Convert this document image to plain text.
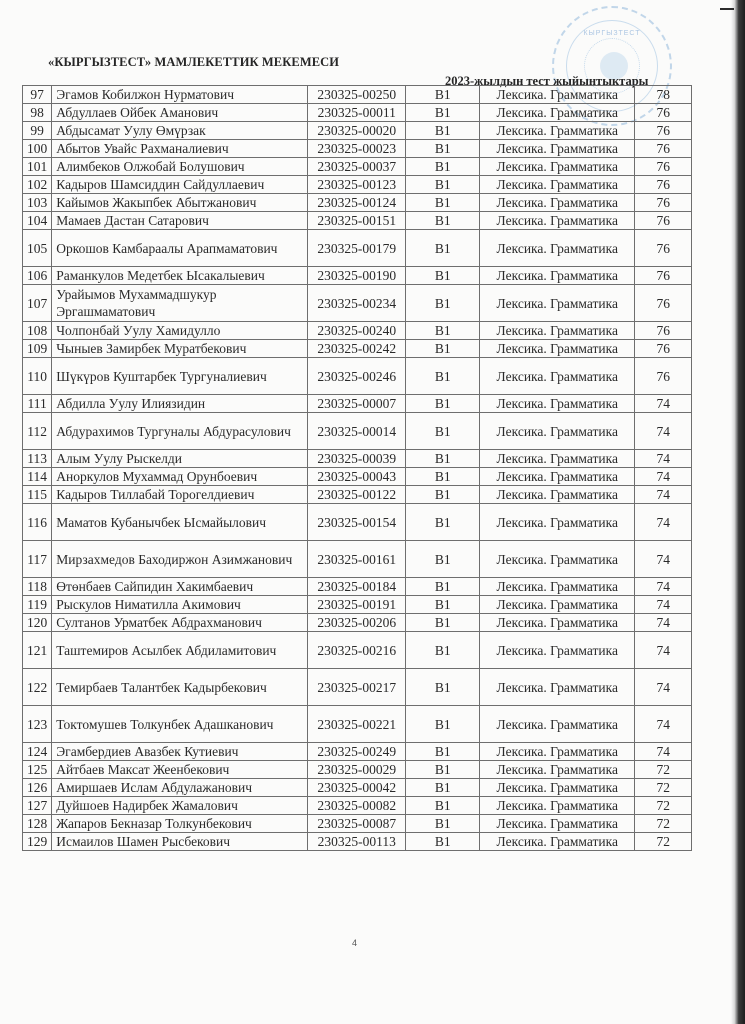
КЫРГЫЗТЕСТ
«КЫРГЫЗТЕСТ» МАМЛЕКЕТТИК МЕКЕМЕСИ
2023-жылдын тест жыйынтыктары
97	Эгамов Кобилжон Нурматович	230325-00250	B1	Лексика. Грамматика	78
98	Абдуллаев Ойбек Аманович	230325-00011	B1	Лексика. Грамматика	76
99	Абдысамат Уулу Өмүрзак	230325-00020	B1	Лексика. Грамматика	76
100	Абытов Увайс Рахманалиевич	230325-00023	B1	Лексика. Грамматика	76
101	Алимбеков Олжобай Болушович	230325-00037	B1	Лексика. Грамматика	76
102	Кадыров Шамсиддин Сайдуллаевич	230325-00123	B1	Лексика. Грамматика	76
103	Кайымов Жакыпбек Абытжанович	230325-00124	B1	Лексика. Грамматика	76
104	Мамаев Дастан Сатарович	230325-00151	B1	Лексика. Грамматика	76
105	Оркошов Камбараалы Арапмаматович	230325-00179	B1	Лексика. Грамматика	76
106	Раманкулов Медетбек Ысакалыевич	230325-00190	B1	Лексика. Грамматика	76
107	Урайымов Мухаммадшукур Эргашмаматович	230325-00234	B1	Лексика. Грамматика	76
108	Чолпонбай Уулу Хамидулло	230325-00240	B1	Лексика. Грамматика	76
109	Чыныев Замирбек Муратбекович	230325-00242	B1	Лексика. Грамматика	76
110	Шүкүров Куштарбек Тургуналиевич	230325-00246	B1	Лексика. Грамматика	76
111	Абдилла Уулу Илиязидин	230325-00007	B1	Лексика. Грамматика	74
112	Абдурахимов Тургуналы Абдурасулович	230325-00014	B1	Лексика. Грамматика	74
113	Алым Уулу Рыскелди	230325-00039	B1	Лексика. Грамматика	74
114	Аноркулов Мухаммад Орунбоевич	230325-00043	B1	Лексика. Грамматика	74
115	Кадыров Тиллабай Торогелдиевич	230325-00122	B1	Лексика. Грамматика	74
116	Маматов Кубанычбек Ысмайылович	230325-00154	B1	Лексика. Грамматика	74
117	Мирзахмедов Баходиржон Азимжанович	230325-00161	B1	Лексика. Грамматика	74
118	Өтөнбаев Сайпидин Хакимбаевич	230325-00184	B1	Лексика. Грамматика	74
119	Рыскулов Ниматилла Акимович	230325-00191	B1	Лексика. Грамматика	74
120	Султанов Урматбек Абдрахманович	230325-00206	B1	Лексика. Грамматика	74
121	Таштемиров Асылбек Абдиламитович	230325-00216	B1	Лексика. Грамматика	74
122	Темирбаев Талантбек Кадырбекович	230325-00217	B1	Лексика. Грамматика	74
123	Токтомушев Толкунбек Адашканович	230325-00221	B1	Лексика. Грамматика	74
124	Эгамбердиев Авазбек Кутиевич	230325-00249	B1	Лексика. Грамматика	74
125	Айтбаев Максат Жеенбекович	230325-00029	B1	Лексика. Грамматика	72
126	Амиршаев Ислам Абдулажанович	230325-00042	B1	Лексика. Грамматика	72
127	Дуйшоев Надирбек Жамалович	230325-00082	B1	Лексика. Грамматика	72
128	Жапаров Бекназар Толкунбекович	230325-00087	B1	Лексика. Грамматика	72
129	Исмаилов Шамен Рысбекович	230325-00113	B1	Лексика. Грамматика	72
4
